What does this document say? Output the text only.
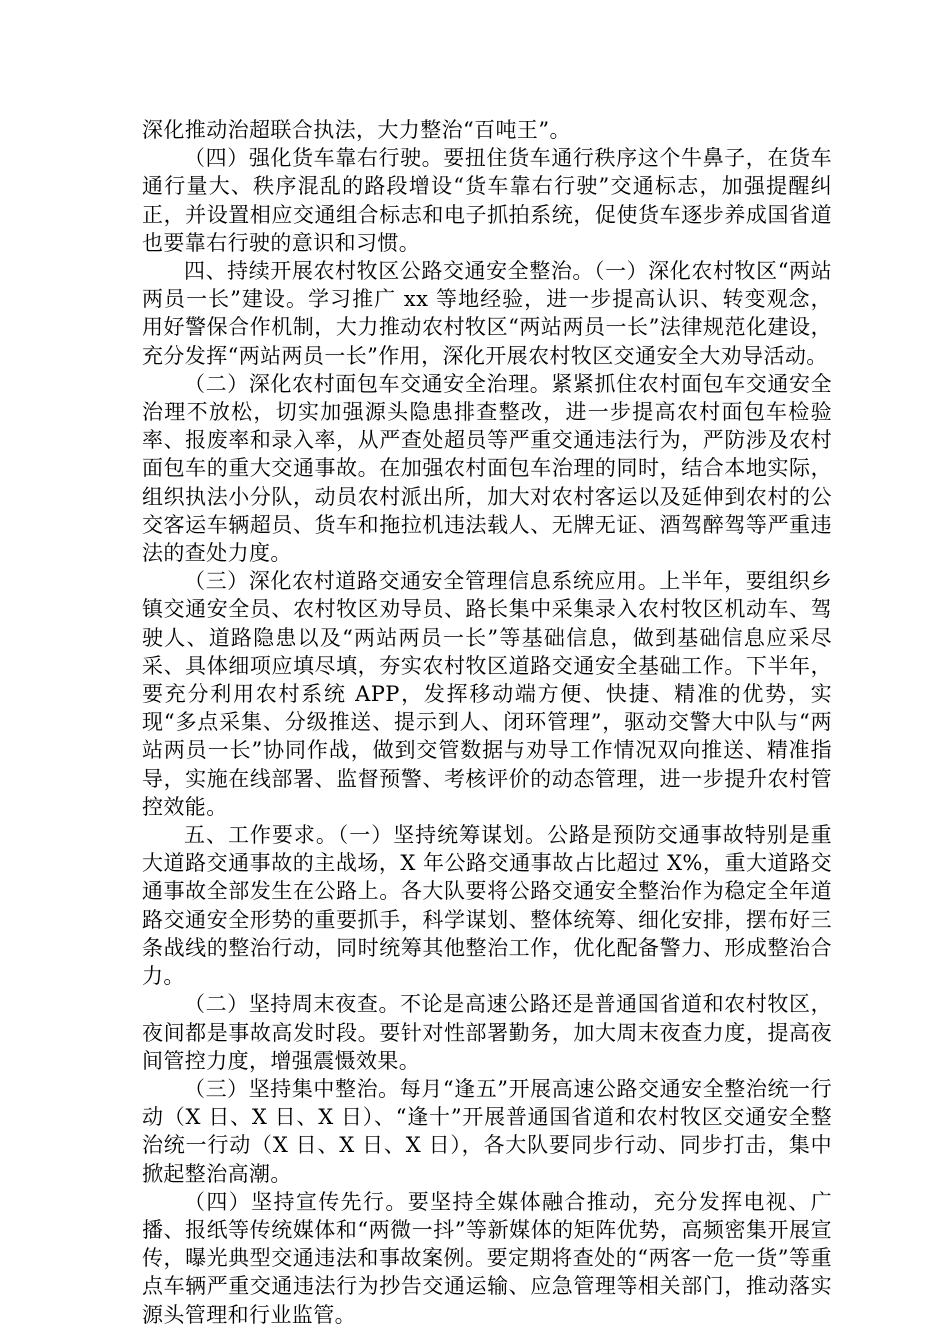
深化推动治超联合执法，大力整治“百吨王”。

（四）强化货车靠右行驶。要扭住货车通行秩序这个牛鼻子，在货车通行量大、秩序混乱的路段增设“货车靠右行驶”交通标志，加强提醒纠正，并设置相应交通组合标志和电子抓拍系统，促使货车逐步养成国省道也要靠右行驶的意识和习惯。

四、持续开展农村牧区公路交通安全整治。（一）深化农村牧区“两站两员一长”建设。学习推广 xx 等地经验，进一步提高认识、转变观念，用好警保合作机制，大力推动农村牧区“两站两员一长”法律规范化建设，充分发挥“两站两员一长”作用，深化开展农村牧区交通安全大劝导活动。

（二）深化农村面包车交通安全治理。紧紧抓住农村面包车交通安全治理不放松，切实加强源头隐患排查整改，进一步提高农村面包车检验率、报废率和录入率，从严查处超员等严重交通违法行为，严防涉及农村面包车的重大交通事故。在加强农村面包车治理的同时，结合本地实际，组织执法小分队，动员农村派出所，加大对农村客运以及延伸到农村的公交客运车辆超员、货车和拖拉机违法载人、无牌无证、酒驾醉驾等严重违法的查处力度。

（三）深化农村道路交通安全管理信息系统应用。上半年，要组织乡镇交通安全员、农村牧区劝导员、路长集中采集录入农村牧区机动车、驾驶人、道路隐患以及“两站两员一长”等基础信息，做到基础信息应采尽采、具体细项应填尽填，夯实农村牧区道路交通安全基础工作。下半年，要充分利用农村系统 APP，发挥移动端方便、快捷、精准的优势，实现“多点采集、分级推送、提示到人、闭环管理”，驱动交警大中队与“两站两员一长”协同作战，做到交管数据与劝导工作情况双向推送、精准指导，实施在线部署、监督预警、考核评价的动态管理，进一步提升农村管控效能。

五、工作要求。（一）坚持统筹谋划。公路是预防交通事故特别是重大道路交通事故的主战场，X 年公路交通事故占比超过 X%，重大道路交通事故全部发生在公路上。各大队要将公路交通安全整治作为稳定全年道路交通安全形势的重要抓手，科学谋划、整体统筹、细化安排，摆布好三条战线的整治行动，同时统筹其他整治工作，优化配备警力、形成整治合力。

（二）坚持周末夜查。不论是高速公路还是普通国省道和农村牧区，夜间都是事故高发时段。要针对性部署勤务，加大周末夜查力度，提高夜间管控力度，增强震慑效果。

（三）坚持集中整治。每月“逢五”开展高速公路交通安全整治统一行动（X 日、X 日、X 日）、“逢十”开展普通国省道和农村牧区交通安全整治统一行动（X 日、X 日、X 日），各大队要同步行动、同步打击，集中掀起整治高潮。

（四）坚持宣传先行。要坚持全媒体融合推动，充分发挥电视、广播、报纸等传统媒体和“两微一抖”等新媒体的矩阵优势，高频密集开展宣传，曝光典型交通违法和事故案例。要定期将查处的“两客一危一货”等重点车辆严重交通违法行为抄告交通运输、应急管理等相关部门，推动落实源头管理和行业监管。
